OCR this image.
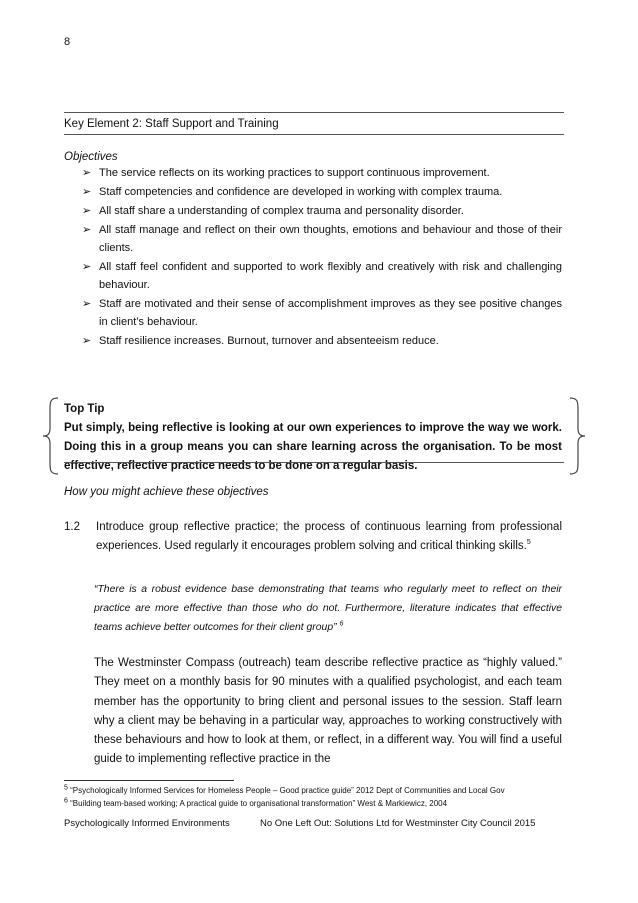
8
Key Element 2: Staff Support and Training
Objectives
➢ The service reflects on its working practices to support continuous improvement.
➢ Staff competencies and confidence are developed in working with complex trauma.
➢ All staff share a understanding of complex trauma and personality disorder.
➢ All staff manage and reflect on their own thoughts, emotions and behaviour and those of their clients.
➢ All staff feel confident and supported to work flexibly and creatively with risk and challenging behaviour.
➢ Staff are motivated and their sense of accomplishment improves as they see positive changes in client’s behaviour.
➢ Staff resilience increases. Burnout, turnover and absenteeism reduce.
Top Tip
Put simply, being reflective is looking at our own experiences to improve the way we work. Doing this in a group means you can share learning across the organisation. To be most effective, reflective practice needs to be done on a regular basis.
How you might achieve these objectives
1.2	Introduce group reflective practice; the process of continuous learning from professional experiences. Used regularly it encourages problem solving and critical thinking skills.$^5$
“There is a robust evidence base demonstrating that teams who regularly meet to reflect on their practice are more effective than those who do not. Furthermore, literature indicates that effective teams achieve better outcomes for their client group” $^6$
The Westminster Compass (outreach) team describe reflective practice as “highly valued.” They meet on a monthly basis for 90 minutes with a qualified psychologist, and each team member has the opportunity to bring client and personal issues to the session. Staff learn why a client may be behaving in a particular way, approaches to working constructively with these behaviours and how to look at them, or reflect, in a different way. You will find a useful guide to implementing reflective practice in the
$^5$ “Psychologically Informed Services for Homeless People – Good practice guide” 2012 Dept of Communities and Local Gov
$^6$ “Building team-based working; A practical guide to organisational transformation” West & Markiewicz, 2004
Psychologically Informed Environments	No One Left Out: Solutions Ltd for Westminster City Council 2015
